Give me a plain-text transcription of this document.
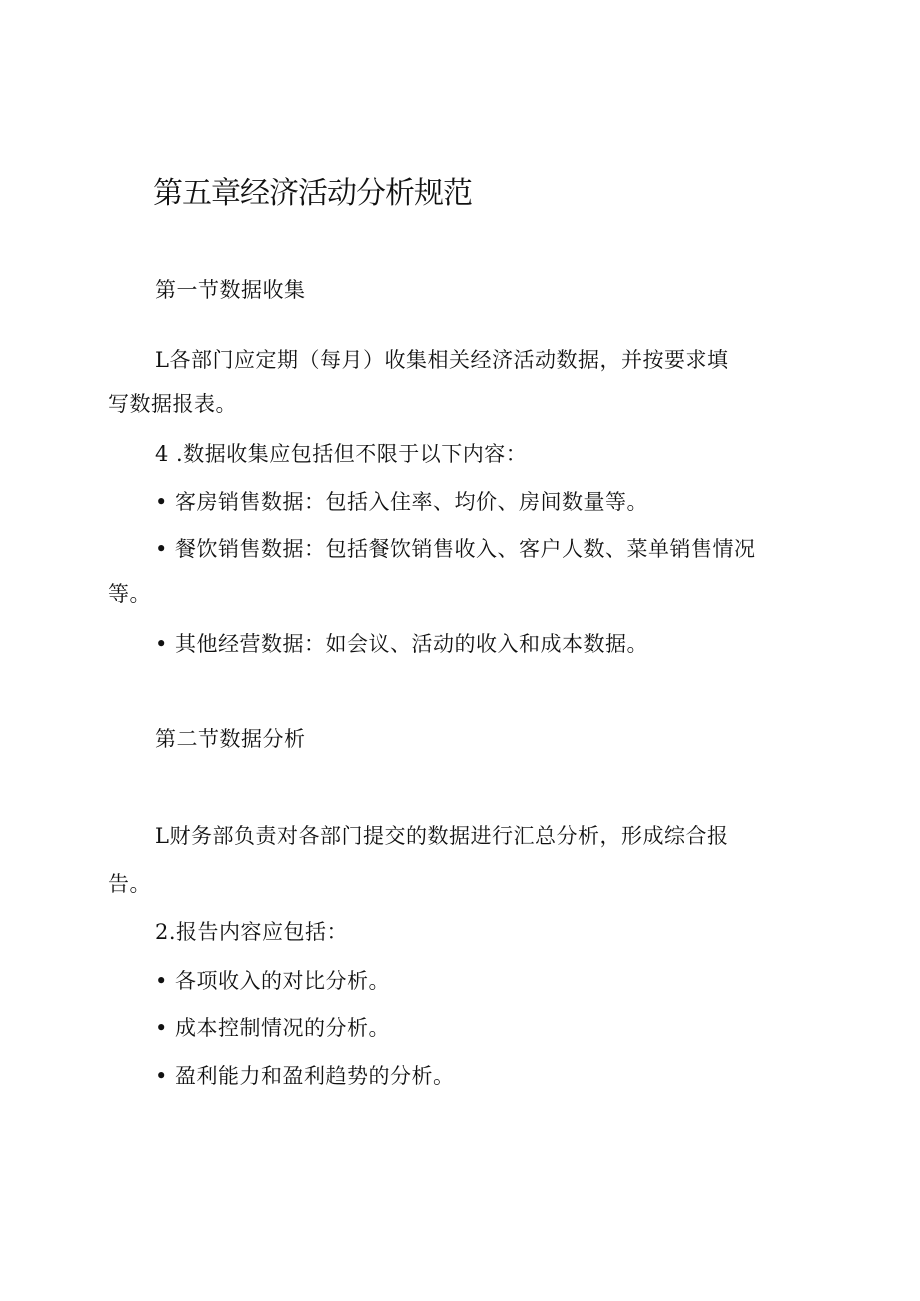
第五章经济活动分析规范
第一节数据收集
L各部门应定期（每月）收集相关经济活动数据，并按要求填
写数据报表。
4 .数据收集应包括但不限于以下内容：
• 客房销售数据：包括入住率、均价、房间数量等。
• 餐饮销售数据：包括餐饮销售收入、客户人数、菜单销售情况
等。
• 其他经营数据：如会议、活动的收入和成本数据。
第二节数据分析
L财务部负责对各部门提交的数据进行汇总分析，形成综合报
告。
2.报告内容应包括：
• 各项收入的对比分析。
• 成本控制情况的分析。
• 盈利能力和盈利趋势的分析。
